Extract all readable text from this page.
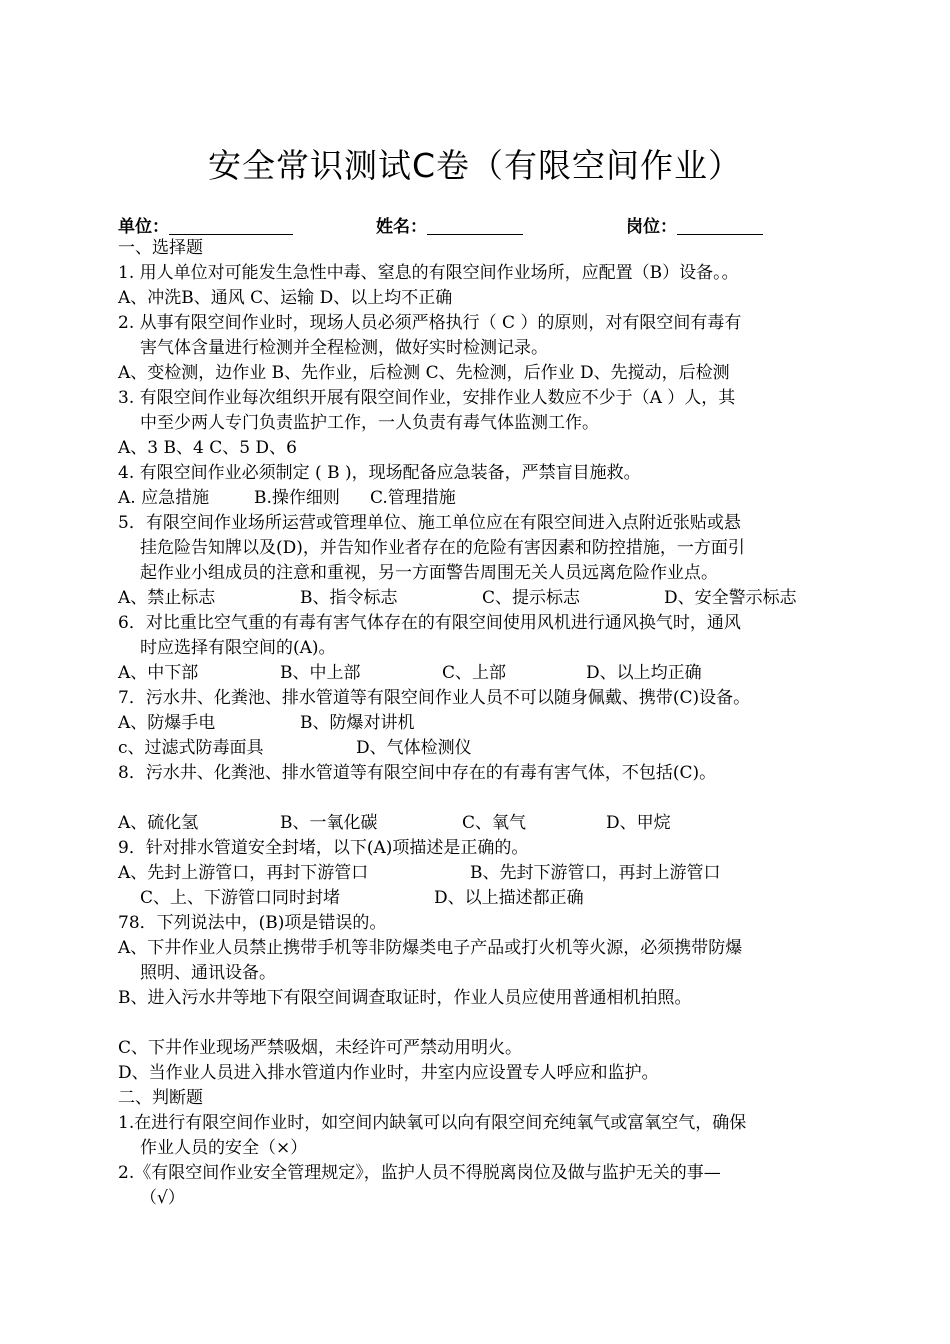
安全常识测试C卷（有限空间作业）
单位：	姓名：	岗位：
一、选择题
1. 用人单位对可能发生急性中毒、窒息的有限空间作业场所，应配置（B）设备。。
A、冲洗B、通风 C、运输 D、以上均不正确
2. 从事有限空间作业时，现场人员必须严格执行（ C ）的原则，对有限空间有毒有
害气体含量进行检测并全程检测，做好实时检测记录。
A、变检测，边作业 B、先作业，后检测 C、先检测，后作业 D、先搅动，后检测
3. 有限空间作业每次组织开展有限空间作业，安排作业人数应不少于（A ）人，其
中至少两人专门负责监护工作，一人负责有毒气体监测工作。
A、3 B、4 C、5 D、6
4. 有限空间作业必须制定 ( B )，现场配备应急装备，严禁盲目施救。
A. 应急措施	B.操作细则 C.管理措施
5．有限空间作业场所运营或管理单位、施工单位应在有限空间进入点附近张贴或悬
挂危险告知牌以及(D)，并告知作业者存在的危险有害因素和防控措施，一方面引
起作业小组成员的注意和重视，另一方面警告周围无关人员远离危险作业点。
A、禁止标志	B、指令标志	C、提示标志	D、安全警示标志
6．对比重比空气重的有毒有害气体存在的有限空间使用风机进行通风换气时，通风
时应选择有限空间的(A)。
A、中下部	B、中上部	C、上部	D、以上均正确
7．污水井、化粪池、排水管道等有限空间作业人员不可以随身佩戴、携带(C)设备。
A、防爆手电	B、防爆对讲机
c、过滤式防毒面具	D、气体检测仪
8．污水井、化粪池、排水管道等有限空间中存在的有毒有害气体，不包括(C)。
A、硫化氢	B、一氧化碳	C、氧气	D、甲烷
9．针对排水管道安全封堵，以下(A)项描述是正确的。
A、先封上游管口，再封下游管口	B、先封下游管口，再封上游管口
C、上、下游管口同时封堵	D、以上描述都正确
78．下列说法中，(B)项是错误的。
A、下井作业人员禁止携带手机等非防爆类电子产品或打火机等火源，必须携带防爆
照明、通讯设备。
B、进入污水井等地下有限空间调查取证时，作业人员应使用普通相机拍照。
C、下井作业现场严禁吸烟，未经许可严禁动用明火。
D、当作业人员进入排水管道内作业时，井室内应设置专人呼应和监护。
二、判断题
1.在进行有限空间作业时，如空间内缺氧可以向有限空间充纯氧气或富氧空气，确保
作业人员的安全（×）
2.《有限空间作业安全管理规定》，监护人员不得脱离岗位及做与监护无关的事—
（√）
